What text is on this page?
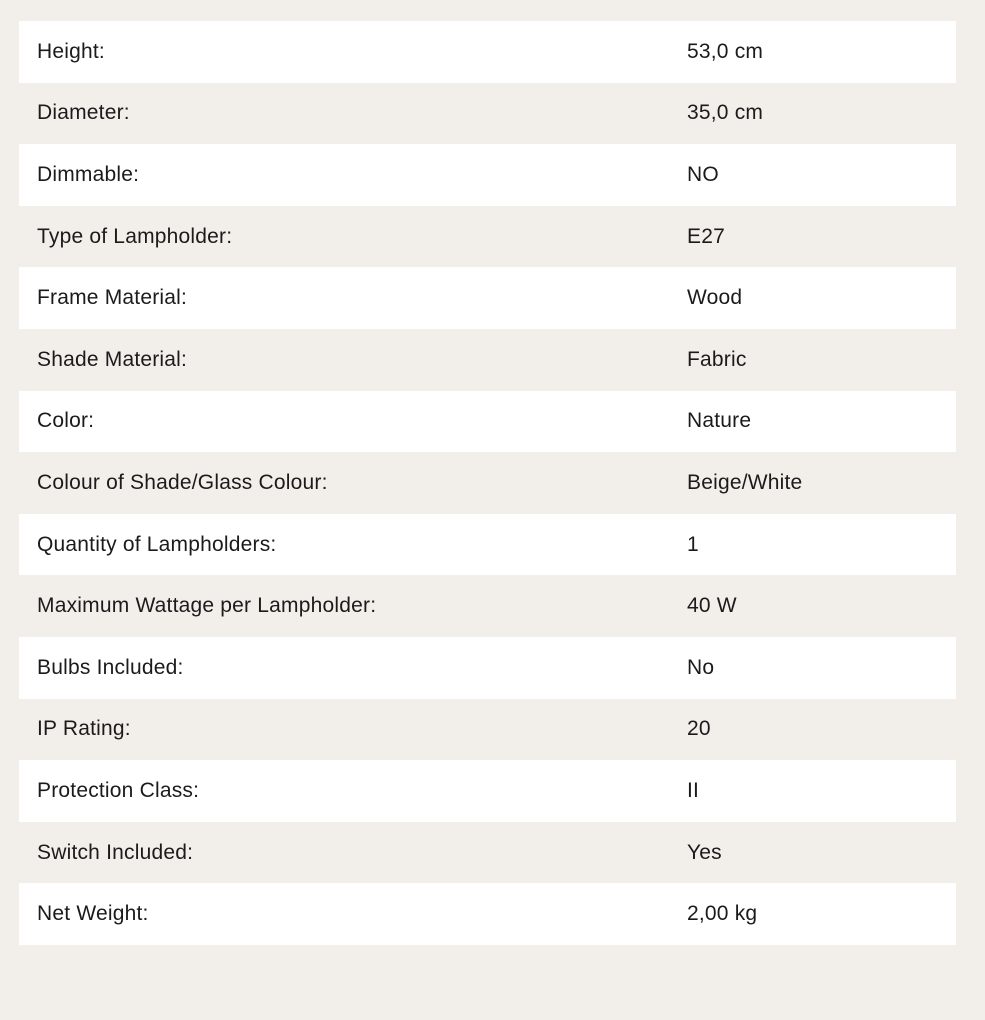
Height:	53,0 cm
Diameter:	35,0 cm
Dimmable:	NO
Type of Lampholder:	E27
Frame Material:	Wood
Shade Material:	Fabric
Color:	Nature
Colour of Shade/Glass Colour:	Beige/White
Quantity of Lampholders:	1
Maximum Wattage per Lampholder:	40 W
Bulbs Included:	No
IP Rating:	20
Protection Class:	II
Switch Included:	Yes
Net Weight:	2,00 kg
